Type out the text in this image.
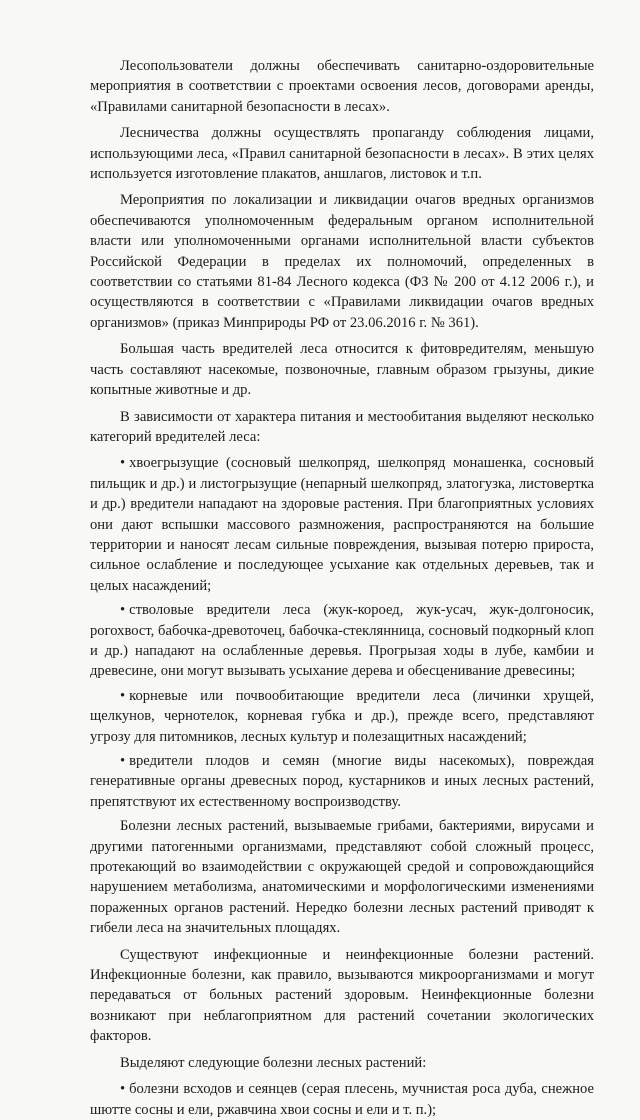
Лесопользователи должны обеспечивать санитарно-оздоровительные мероприятия в соответствии с проектами освоения лесов, договорами аренды, «Правилами санитарной безопасности в лесах».

Лесничества должны осуществлять пропаганду соблюдения лицами, использующими леса, «Правил санитарной безопасности в лесах». В этих целях используется изготовление плакатов, аншлагов, листовок и т.п.

Мероприятия по локализации и ликвидации очагов вредных организмов обеспечиваются уполномоченным федеральным органом исполнительной власти или уполномоченными органами исполнительной власти субъектов Российской Федерации в пределах их полномочий, определенных в соответствии со статьями 81-84 Лесного кодекса (ФЗ № 200 от 4.12 2006 г.), и осуществляются в соответствии с «Правилами ликвидации очагов вредных организмов» (приказ Минприроды РФ от 23.06.2016 г. № 361).

Большая часть вредителей леса относится к фитовредителям, меньшую часть составляют насекомые, позвоночные, главным образом грызуны, дикие копытные животные и др.

В зависимости от характера питания и местообитания выделяют несколько категорий вредителей леса:

• хвоегрызущие (сосновый шелкопряд, шелкопряд монашенка, сосновый пильщик и др.) и листогрызущие (непарный шелкопряд, златогузка, листовертка и др.) вредители нападают на здоровые растения. При благоприятных условиях они дают вспышки массового размножения, распространяются на большие территории и наносят лесам сильные повреждения, вызывая потерю прироста, сильное ослабление и последующее усыхание как отдельных деревьев, так и целых насаждений;

• стволовые вредители леса (жук-короед, жук-усач, жук-долгоносик, рогохвост, бабочка-древоточец, бабочка-стеклянница, сосновый подкорный клоп и др.) нападают на ослабленные деревья. Прогрызая ходы в лубе, камбии и древесине, они могут вызывать усыхание дерева и обесценивание древесины;

• корневые или почвообитающие вредители леса (личинки хрущей, щелкунов, чернотелок, корневая губка и др.), прежде всего, представляют угрозу для питомников, лесных культур и полезащитных насаждений;

• вредители плодов и семян (многие виды насекомых), повреждая генеративные органы древесных пород, кустарников и иных лесных растений, препятствуют их естественному воспроизводству.

Болезни лесных растений, вызываемые грибами, бактериями, вирусами и другими патогенными организмами, представляют собой сложный процесс, протекающий во взаимодействии с окружающей средой и сопровождающийся нарушением метаболизма, анатомическими и морфологическими изменениями пораженных органов растений. Нередко болезни лесных растений приводят к гибели леса на значительных площадях.

Существуют инфекционные и неинфекционные болезни растений. Инфекционные болезни, как правило, вызываются микроорганизмами и могут передаваться от больных растений здоровым. Неинфекционные болезни возникают при неблагоприятном для растений сочетании экологических факторов.

Выделяют следующие болезни лесных растений:

• болезни всходов и сеянцев (серая плесень, мучнистая роса дуба, снежное шютте сосны и ели, ржавчина хвои сосны и ели и т. п.);
